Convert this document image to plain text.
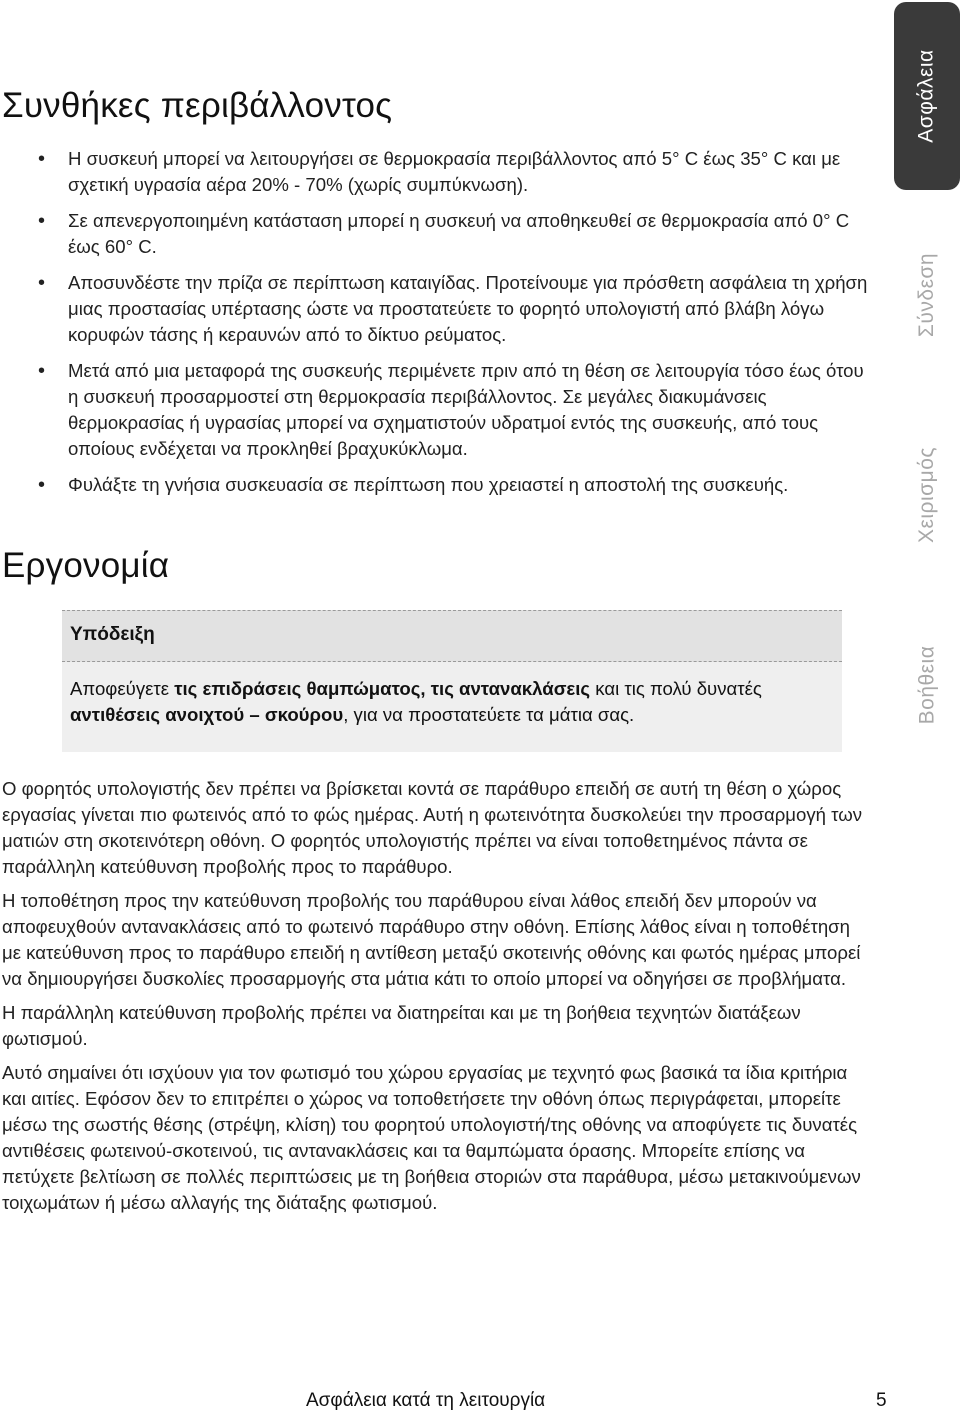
Συνθήκες περιβάλλοντος
• Η συσκευή μπορεί να λειτουργήσει σε θερμοκρασία περιβάλλοντος από 5° C έως 35° C και με σχετική υγρασία αέρα 20% - 70% (χωρίς συμπύκνωση).
• Σε απενεργοποιημένη κατάσταση μπορεί η συσκευή να αποθηκευθεί σε θερμοκρασία από 0° C έως 60° C.
• Αποσυνδέστε την πρίζα σε περίπτωση καταιγίδας. Προτείνουμε για πρόσθετη ασφάλεια τη χρήση μιας προστασίας υπέρτασης ώστε να προστατεύετε το φορητό υπολογιστή από βλάβη λόγω κορυφών τάσης ή κεραυνών από το δίκτυο ρεύματος.
• Μετά από μια μεταφορά της συσκευής περιμένετε πριν από τη θέση σε λειτουργία τόσο έως ότου η συσκευή προσαρμοστεί στη θερμοκρασία περιβάλλοντος. Σε μεγάλες διακυμάνσεις θερμοκρασίας ή υγρασίας μπορεί να σχηματιστούν υδρατμοί εντός της συσκευής, από τους οποίους ενδέχεται να προκληθεί βραχυκύκλωμα.
• Φυλάξτε τη γνήσια συσκευασία σε περίπτωση που χρειαστεί η αποστολή της συσκευής.
Εργονομία
Υπόδειξη
Αποφεύγετε τις επιδράσεις θαμπώματος, τις αντανακλάσεις και τις πολύ δυνατές αντιθέσεις ανοιχτού – σκούρου, για να προστατεύετε τα μάτια σας.

Ο φορητός υπολογιστής δεν πρέπει να βρίσκεται κοντά σε παράθυρο επειδή σε αυτή τη θέση ο χώρος εργασίας γίνεται πιο φωτεινός από το φώς ημέρας. Αυτή η φωτεινότητα δυσκολεύει την προσαρμογή των ματιών στη σκοτεινότερη οθόνη. Ο φορητός υπολογιστής πρέπει να είναι τοποθετημένος πάντα σε παράλληλη κατεύθυνση προβολής προς το παράθυρο.

Η τοποθέτηση προς την κατεύθυνση προβολής του παράθυρου είναι λάθος επειδή δεν μπορούν να αποφευχθούν αντανακλάσεις από το φωτεινό παράθυρο στην οθόνη. Επίσης λάθος είναι η τοποθέτηση με κατεύθυνση προς το παράθυρο επειδή η αντίθεση μεταξύ σκοτεινής οθόνης και φωτός ημέρας μπορεί να δημιουργήσει δυσκολίες προσαρμογής στα μάτια κάτι το οποίο μπορεί να οδηγήσει σε προβλήματα.

Η παράλληλη κατεύθυνση προβολής πρέπει να διατηρείται και με τη βοήθεια τεχνητών διατάξεων φωτισμού.

Αυτό σημαίνει ότι ισχύουν για τον φωτισμό του χώρου εργασίας με τεχνητό φως βασικά τα ίδια κριτήρια και αιτίες. Εφόσον δεν το επιτρέπει ο χώρος να τοποθετήσετε την οθόνη όπως περιγράφεται, μπορείτε μέσω της σωστής θέσης (στρέψη, κλίση) του φορητού υπολογιστή/της οθόνης να αποφύγετε τις δυνατές αντιθέσεις φωτεινού-σκοτεινού, τις αντανακλάσεις και τα θαμπώματα όρασης. Μπορείτε επίσης να πετύχετε βελτίωση σε πολλές περιπτώσεις με τη βοήθεια στοριών στα παράθυρα, μέσω μετακινούμενων τοιχωμάτων ή μέσω αλλαγής της διάταξης φωτισμού.

Ασφάλεια
Σύνδεση
Χειρισμός
Βοήθεια
Ασφάλεια κατά τη λειτουργία	5
